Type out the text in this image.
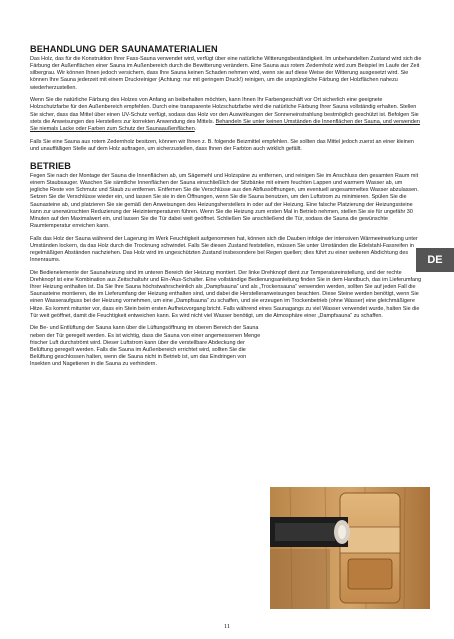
BEHANDLUNG DER SAUNAMATERIALIEN

Das Holz, das für die Konstruktion Ihrer Fass-Sauna verwendet wird, verfügt über eine natürliche Witterungsbeständigkeit. Im unbehandelten Zustand wird sich die Färbung der Außenflächen einer Sauna im Außenbereich durch die Bewitterung verändern. Eine Sauna aus rotem Zedernholz wird zum Beispiel im Laufe der Zeit silbergrau. Wir können Ihnen jedoch versichern, dass Ihre Sauna keinen Schaden nehmen wird, wenn sie auf diese Weise der Witterung ausgesetzt wird. Sie können Ihre Sauna jederzeit mit einem Druckreiniger (Achtung: nur mit geringem Druck!) reinigen, um die ursprüngliche Färbung der Holzflächen nahezu wiederherzustellen.

Wenn Sie die natürliche Färbung des Holzes von Anfang an beibehalten möchten, kann Ihnen Ihr Farbengeschäft vor Ort sicherlich eine geeignete Holzschutzfarbe für den Außenbereich empfehlen. Durch eine transparente Holzschutzfarbe wird die natürliche Färbung Ihrer Sauna vollständig erhalten. Stellen Sie sicher, dass das Mittel über einen UV-Schutz verfügt, sodass das Holz vor den Auswirkungen der Sonneneinstrahlung bestmöglich geschützt ist. Befolgen Sie stets die Anweisungen des Herstellers zur korrekten Anwendung des Mittels. Behandeln Sie unter keinen Umständen die Innenflächen der Sauna, und verwenden Sie niemals Lacke oder Farben zum Schutz der Saunaaußenflächen.

Falls Sie eine Sauna aus rotem Zedernholz besitzen, können wir Ihnen z. B. folgende Beizmittel empfehlen. Sie sollten das Mittel jedoch zuerst an einer kleinen und unauffälligen Stelle auf dem Holz auftragen, um sicherzustellen, dass Ihnen der Farbton auch wirklich gefällt.

BETRIEB

Fegen Sie nach der Montage der Sauna die Innenflächen ab, um Sägemehl und Holzspäne zu entfernen, und reinigen Sie im Anschluss den gesamten Raum mit einem Staubsauger. Waschen Sie sämtliche Innenflächen der Sauna einschließlich der Sitzbänke mit einem feuchten Lappen und warmem Wasser ab, um jegliche Reste von Schmutz und Staub zu entfernen. Entfernen Sie die Verschlüsse aus den Abflussöffnungen, um eventuell angesammeltes Wasser abzulassen. Setzen Sie die Verschlüsse wieder ein, und lassen Sie sie in den Öffnungen, wenn Sie die Sauna benutzen, um den Luftstrom zu minimieren. Spülen Sie die Saunasteine ab, und platzieren Sie sie gemäß den Anweisungen des Heizungsherstellers in oder auf der Heizung. Eine falsche Platzierung der Heizungssteine kann zur unerwünschten Reduzierung der Heizintemperaturen führen. Wenn Sie die Heizung zum ersten Mal in Betrieb nehmen, stellen Sie sie für ungefähr 30 Minuten auf den Maximalwert ein, und lassen Sie die Tür dabei weit geöffnet. Schließen Sie anschließend die Tür, sodass die Sauna die gewünschte Raumtemperatur erreichen kann.

Falls das Holz der Sauna während der Lagerung im Werk Feuchtigkeit aufgenommen hat, können sich die Dauben infolge der intensiven Wärmeeinwirkung unter Umständen lockern, da das Holz durch die Trocknung schwindet. Falls Sie diesen Zustand feststellen, müssen Sie unter Umständen die Edelstahl-Fassreifen in regelmäßigen Abständen nachziehen. Das Holz wird im ungeschützten Zustand insbesondere bei Regen quellen; dies führt zu einer weiteren Abdichtung des Innenraums.

Die Bedienelemente der Saunaheizung sind im unteren Bereich der Heizung montiert. Der linke Drehknopf dient zur Temperatureinstellung, und der rechte Drehknopf ist eine Kombination aus Zeitschaltuhr und Ein-/Aus-Schalter. Eine vollständige Bedienungsanleitung finden Sie in dem Handbuch, das im Lieferumfang Ihrer Heizung enthalten ist. Da Sie Ihre Sauna höchstwahrscheinlich als „Dampfsauna“ und als „Trockensauna“ verwenden werden, sollten Sie auf jeden Fall die Saunasteine montieren, die im Lieferumfang der Heizung enthalten sind, und dabei die Herstelleranweisungen beachten. Diese Steine werden benötigt, wenn Sie einen Wasseraufguss bei der Heizung vornehmen, um eine „Dampfsauna“ zu schaffen, und sie erzeugen im Trockenbetrieb (ohne Wasser) eine gleichmäßigere Hitze. Es kommt mitunter vor, dass ein Stein beim ersten Aufheizvorgang bricht. Falls während eines Saunagangs zu viel Wasser verwendet wurde, halten Sie die Tür weit geöffnet, damit die Feuchtigkeit entweichen kann. Es wird nicht viel Wasser benötigt, um die Atmosphäre einer „Dampfsauna“ zu schaffen.

Die Be- und Entlüftung der Sauna kann über die Lüftungsöffnung im oberen Bereich der Sauna neben der Tür geregelt werden. Es ist wichtig, dass die Sauna von einer angemessenen Menge frischer Luft durchströmt wird. Dieser Luftstrom kann über die verstellbare Abdeckung der Belüftung geregelt werden. Falls die Sauna im Außenbereich errichtet wird, sollten Sie die Belüftung geschlossen halten, wenn die Sauna nicht in Betrieb ist, um das Eindringen von Insekten und Nagetieren in die Sauna zu verhindern.

DE
11
